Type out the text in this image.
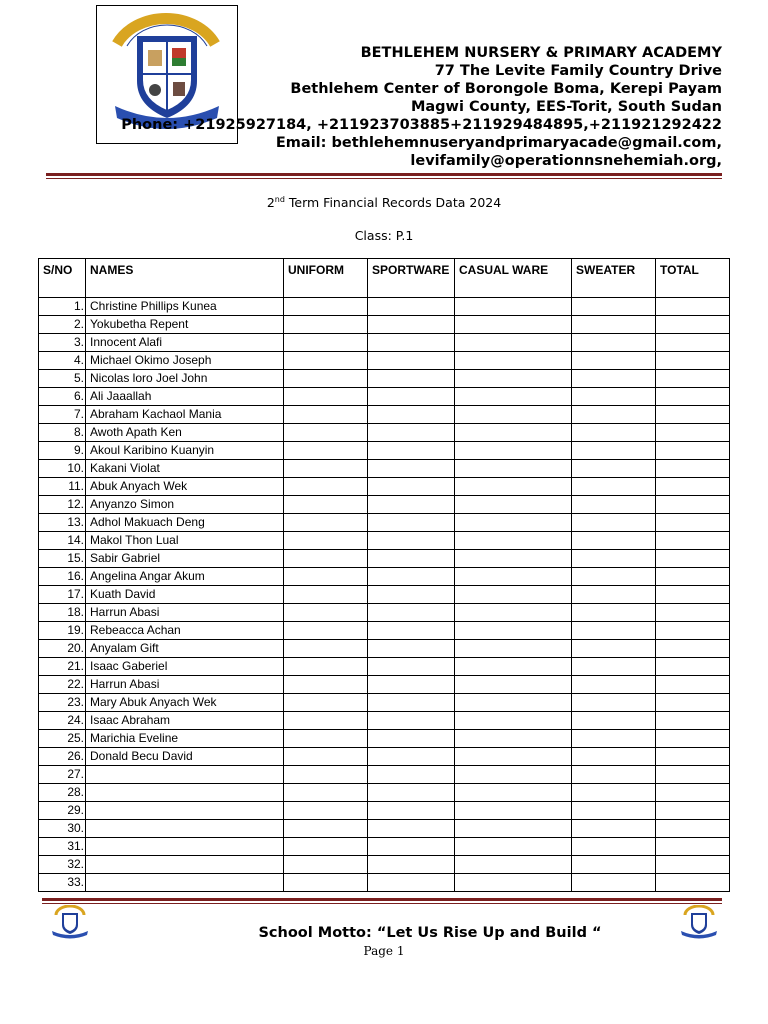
BETHLEHEM NURSERY & PRIMARY ACADEMY
77 The Levite Family Country Drive
Bethlehem Center of Borongole Boma, Kerepi Payam
Magwi County, EES-Torit, South Sudan
Phone: +219259​27184, +211923703885+211929484895,+211921292422
Email: bethlehemnuseryandprimaryacade@gmail.com,
levifamily@operationnsnehemiah.org,
2nd Term Financial Records Data 2024
Class: P.1
S/NO	NAMES	UNIFORM	SPORTWARE	CASUAL WARE	SWEATER	TOTAL
1.	Christine Phillips Kunea					
2.	Yokubetha Repent					
3.	Innocent Alafi					
4.	Michael Okimo Joseph					
5.	Nicolas loro Joel John					
6.	Ali Jaaallah					
7.	Abraham Kachaol Mania					
8.	Awoth Apath Ken					
9.	Akoul Karibino Kuanyin					
10.	Kakani Violat					
11.	Abuk Anyach Wek					
12.	Anyanzo Simon					
13.	Adhol Makuach Deng					
14.	Makol Thon Lual					
15.	Sabir Gabriel					
16.	Angelina Angar Akum					
17.	Kuath David					
18.	Harrun Abasi					
19.	Rebeacca Achan					
20.	Anyalam Gift					
21.	Isaac Gaberiel					
22.	Harrun Abasi					
23.	Mary Abuk Anyach Wek					
24.	Isaac Abraham					
25.	Marichia Eveline					
26.	Donald Becu David					
27.						
28.						
29.						
30.						
31.						
32.						
33.						
School Motto: “Let Us Rise Up and Build “
Page 1
